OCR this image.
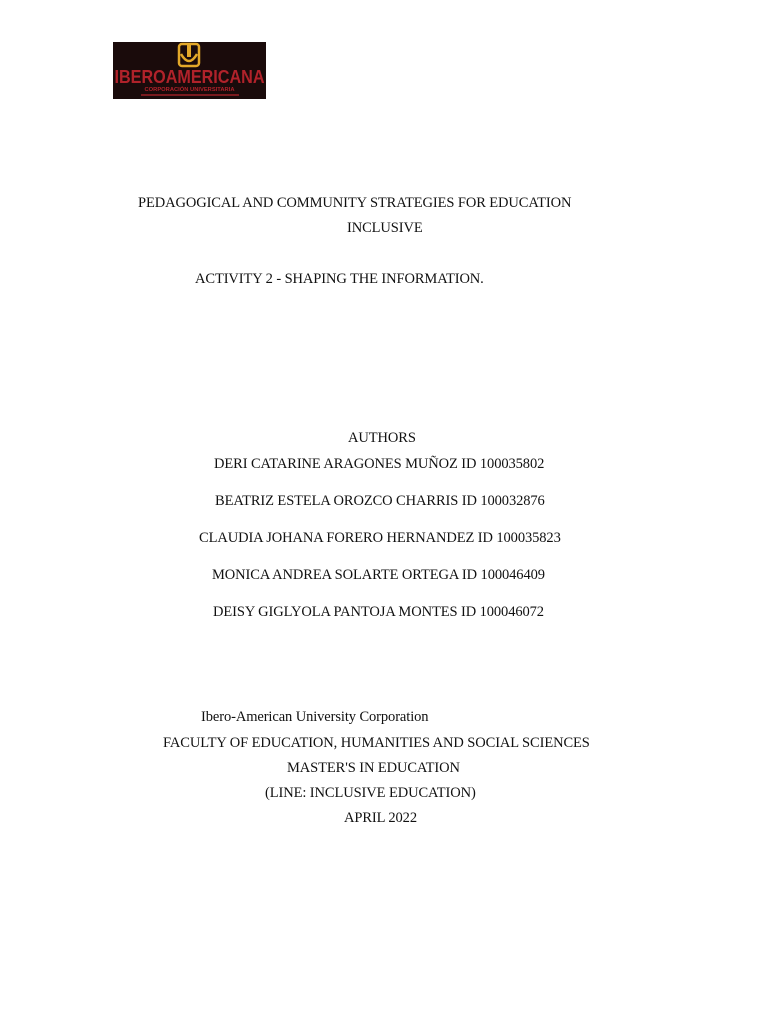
IBEROAMERICANA
CORPORACIÓN UNIVERSITARIA
PEDAGOGICAL AND COMMUNITY STRATEGIES FOR EDUCATION
INCLUSIVE
ACTIVITY 2 - SHAPING THE INFORMATION.
AUTHORS
DERI CATARINE ARAGONES MUÑOZ ID 100035802
BEATRIZ ESTELA OROZCO CHARRIS ID 100032876
CLAUDIA JOHANA FORERO HERNANDEZ ID 100035823
MONICA ANDREA SOLARTE ORTEGA ID 100046409
DEISY GIGLYOLA PANTOJA MONTES ID 100046072
Ibero-American University Corporation
FACULTY OF EDUCATION, HUMANITIES AND SOCIAL SCIENCES
MASTER'S IN EDUCATION
(LINE: INCLUSIVE EDUCATION)
APRIL 2022
